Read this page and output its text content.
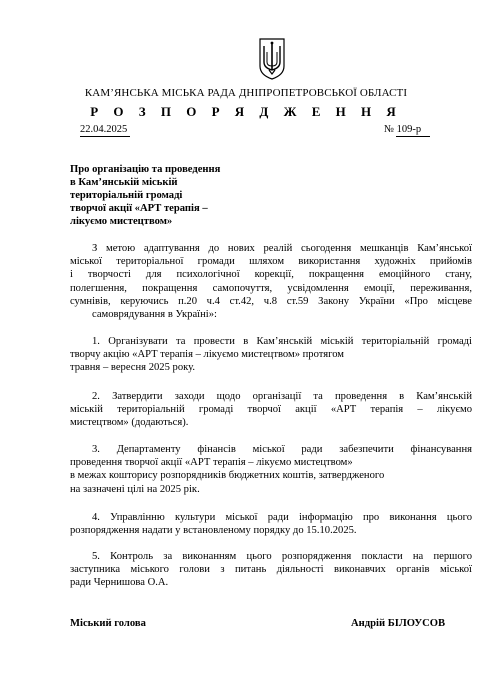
КАМ’ЯНСЬКА МІСЬКА РАДА ДНІПРОПЕТРОВСЬКОЇ ОБЛАСТІ
Р О З П О Р Я Д Ж Е Н Н Я
22.04.2025	№ 109-р
Про організацію та проведення
в Кам’янській міській
територіальній громаді
творчої акції «АРТ терапія –
лікуємо мистецтвом»
З метою адаптування до нових реалій сьогодення мешканців Кам’янської
міської територіальної громади шляхом використання художніх прийомів
і творчості для психологічної корекції, покращення емоційного стану,
полегшення, покращення самопочуття, усвідомлення емоції, переживання,
сумнівів, керуючись п.20 ч.4 ст.42, ч.8 ст.59 Закону України «Про місцеве
самоврядування в Україні»:
1. Організувати та провести в Кам’янській міській територіальній громаді
творчу акцію «АРТ терапія – лікуємо мистецтвом» протягом
травня – вересня 2025 року.
2. Затвердити заходи щодо організації та проведення в Кам’янській
міській територіальній громаді творчої акції «АРТ терапія – лікуємо
мистецтвом» (додаються).
3. Департаменту фінансів міської ради забезпечити фінансування
проведення творчої акції «АРТ терапія – лікуємо мистецтвом»
в межах кошторису розпорядників бюджетних коштів, затвердженого
на зазначені цілі на 2025 рік.
4. Управлінню культури міської ради інформацію про виконання цього
розпорядження надати у встановленому порядку до 15.10.2025.
5. Контроль за виконанням цього розпорядження покласти на першого
заступника міського голови з питань діяльності виконавчих органів міської
ради Чернишова О.А.
Міський голова	Андрій БІЛОУСОВ
